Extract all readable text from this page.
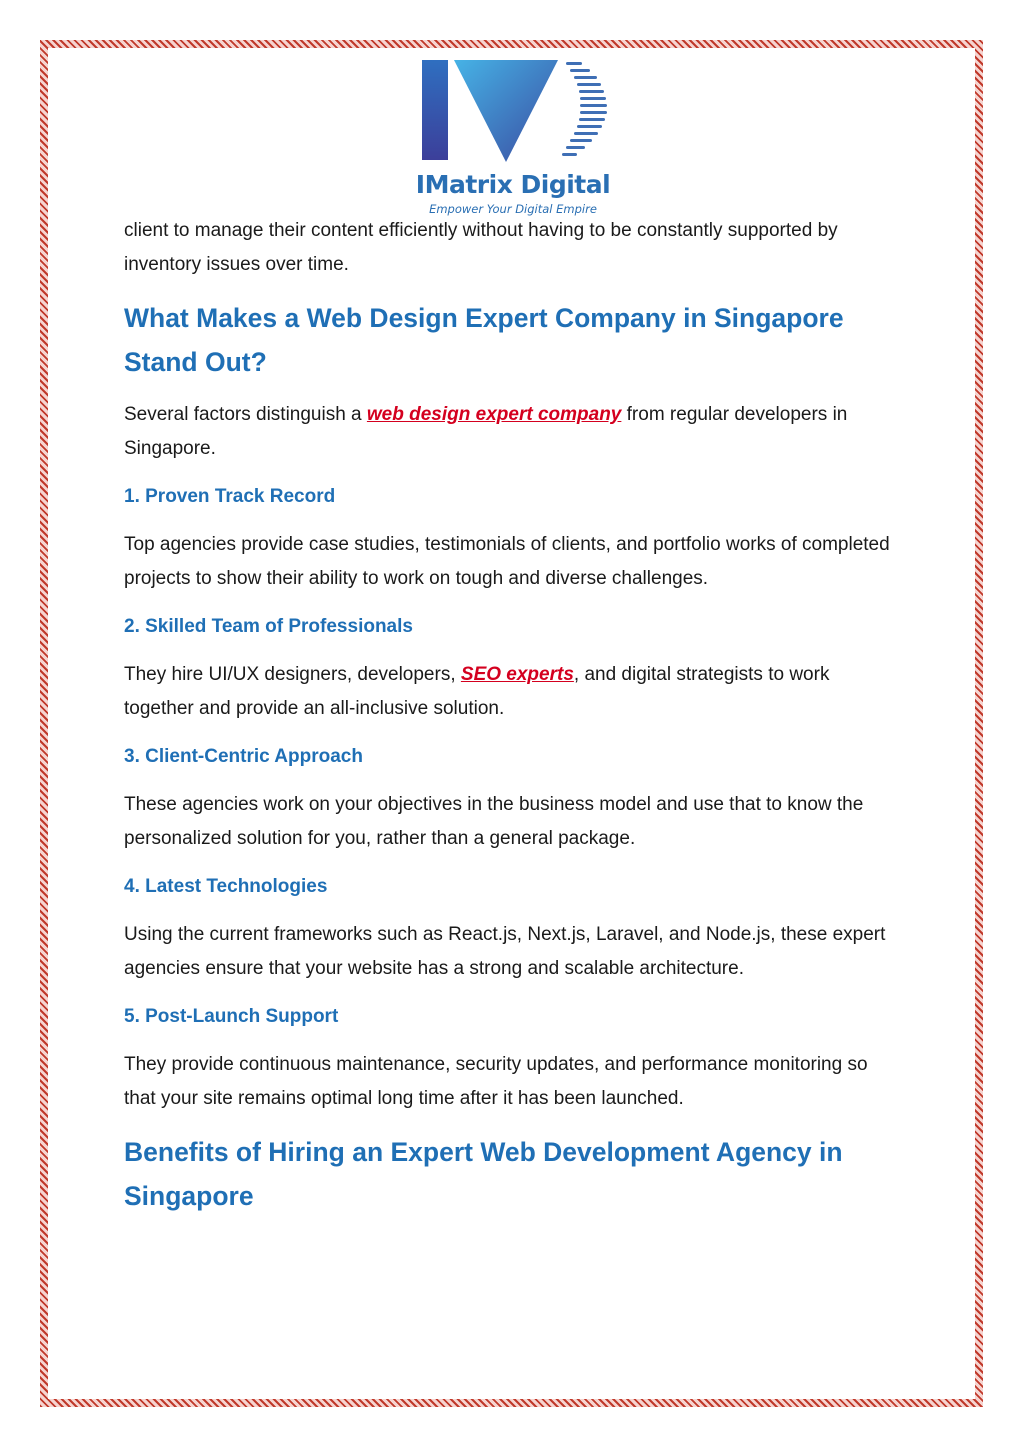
IMatrix Digital
Empower Your Digital Empire

client to manage their content efficiently without having to be constantly supported by inventory issues over time.

What Makes a Web Design Expert Company in Singapore Stand Out?

Several factors distinguish a web design expert company from regular developers in Singapore.

1. Proven Track Record

Top agencies provide case studies, testimonials of clients, and portfolio works of completed projects to show their ability to work on tough and diverse challenges.

2. Skilled Team of Professionals

They hire UI/UX designers, developers, SEO experts, and digital strategists to work together and provide an all-inclusive solution.

3. Client-Centric Approach

These agencies work on your objectives in the business model and use that to know the personalized solution for you, rather than a general package.

4. Latest Technologies

Using the current frameworks such as React.js, Next.js, Laravel, and Node.js, these expert agencies ensure that your website has a strong and scalable architecture.

5. Post-Launch Support

They provide continuous maintenance, security updates, and performance monitoring so that your site remains optimal long time after it has been launched.

Benefits of Hiring an Expert Web Development Agency in Singapore
